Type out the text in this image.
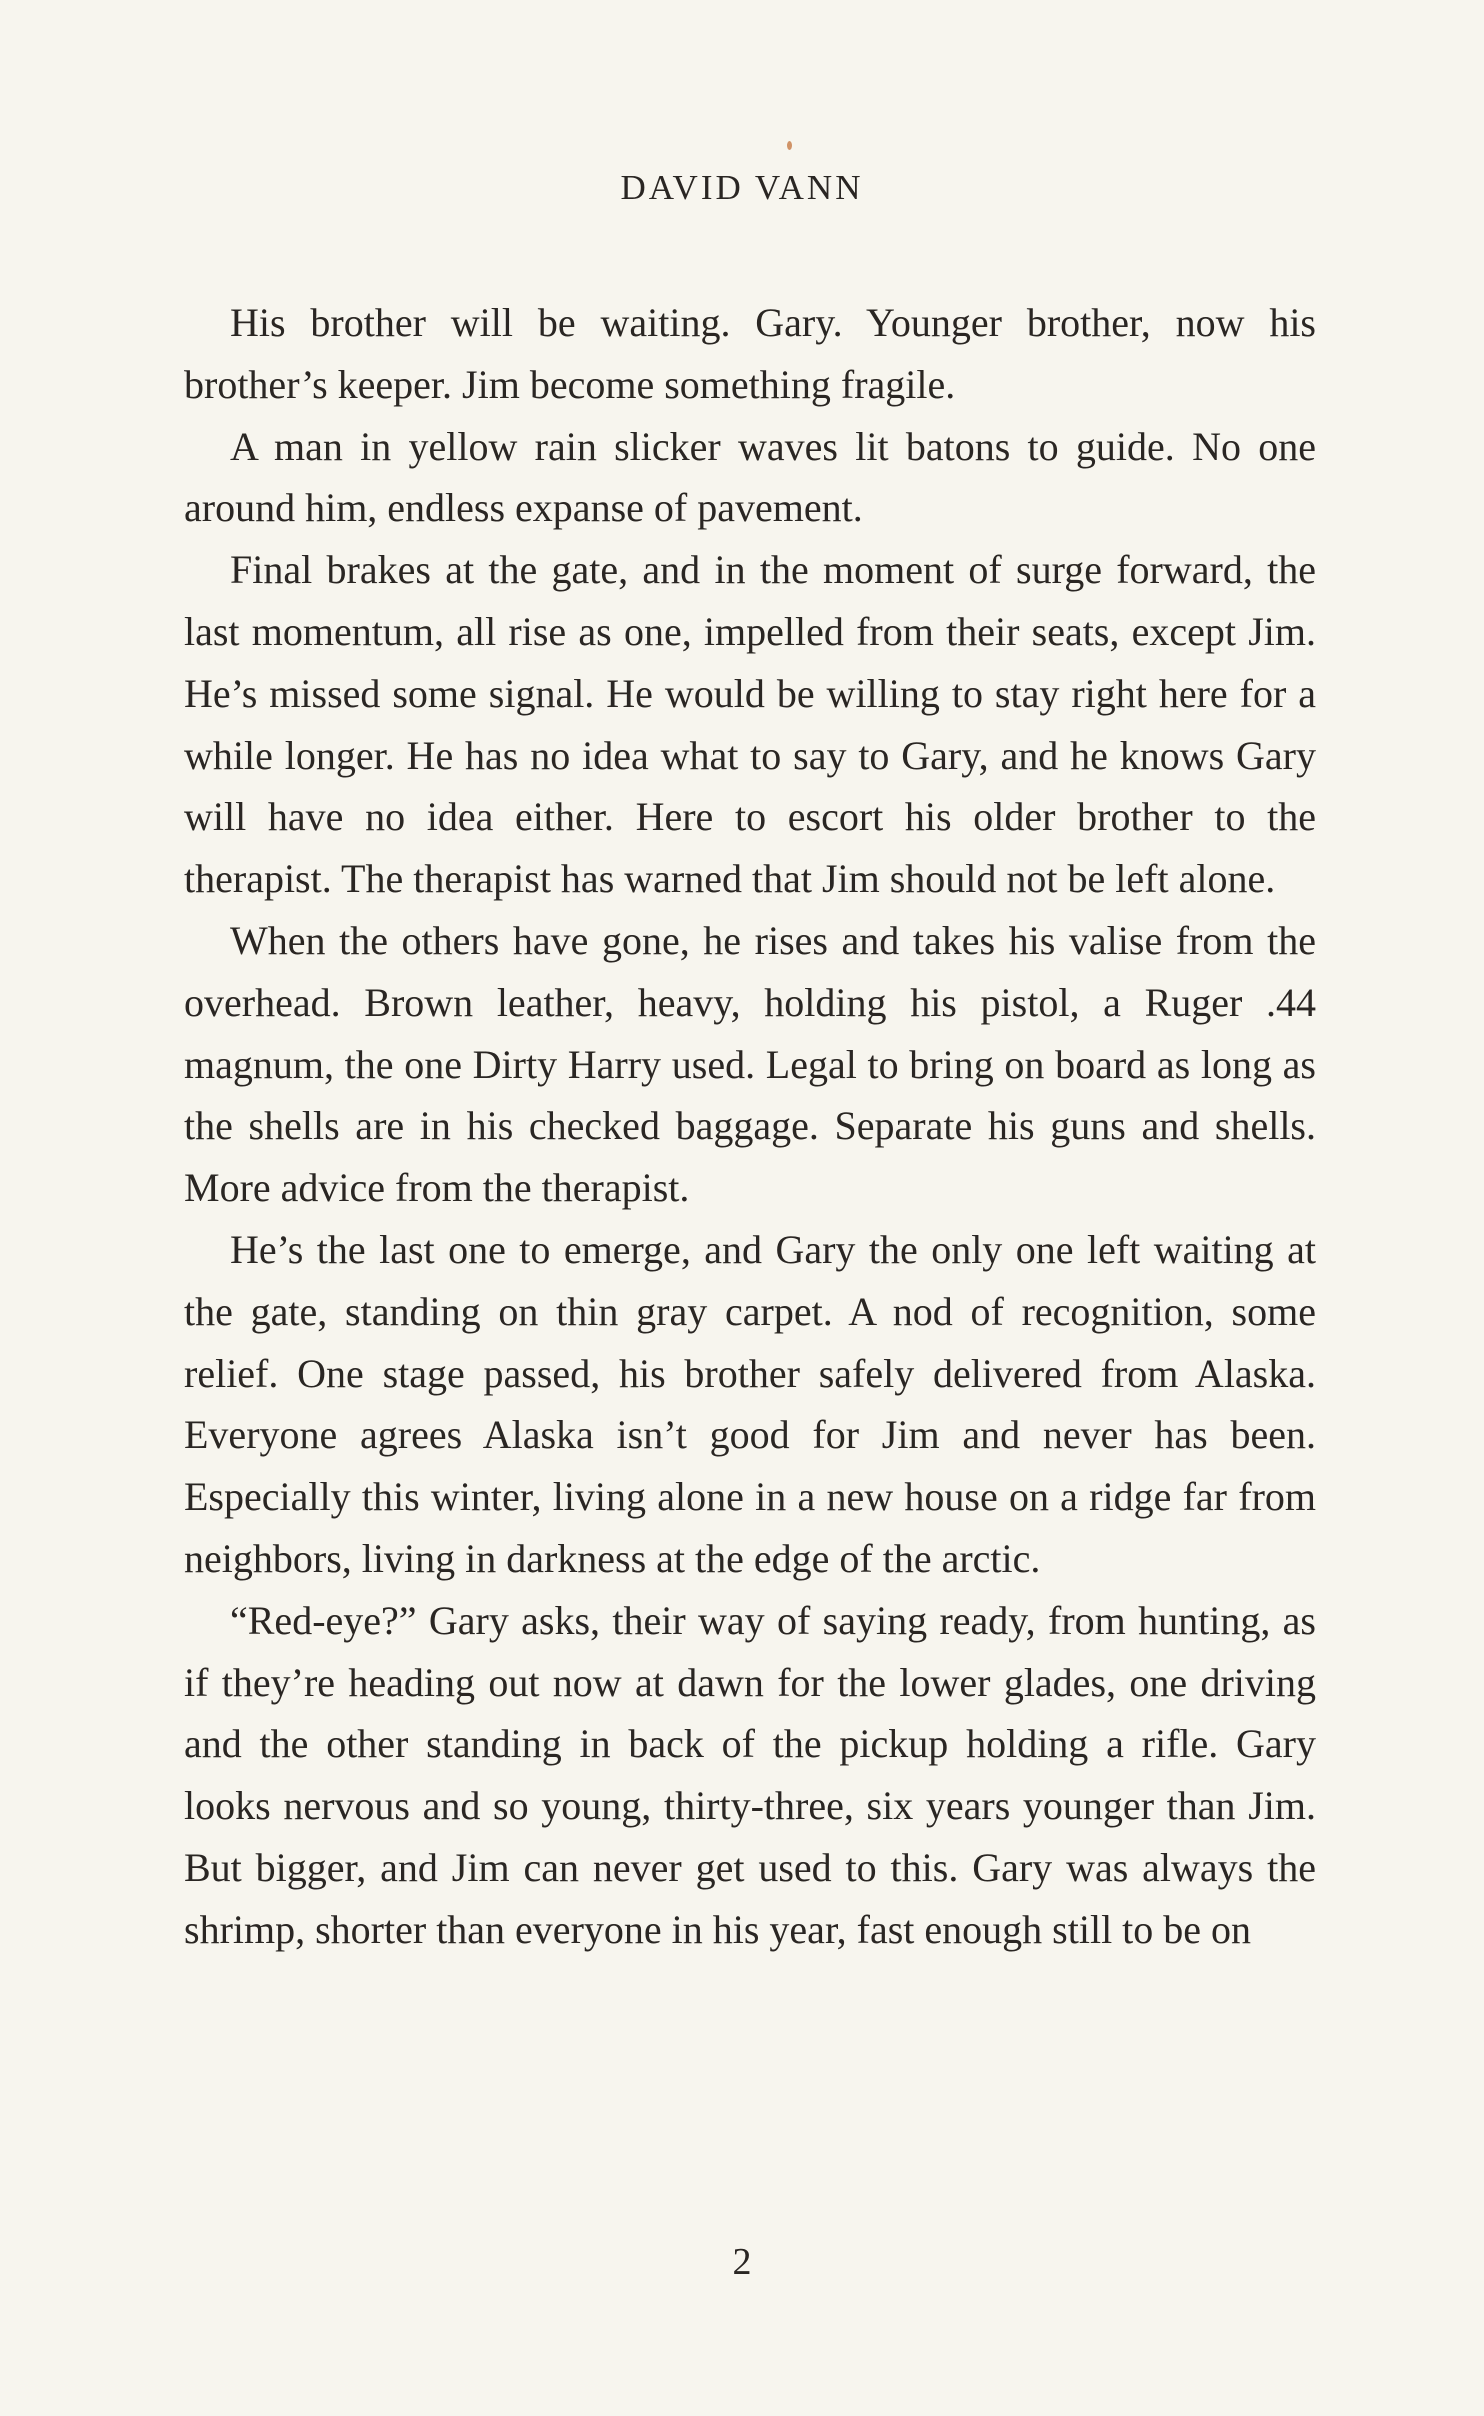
DAVID VANN

His brother will be waiting. Gary. Younger brother, now his brother’s keeper. Jim become something fragile.

A man in yellow rain slicker waves lit batons to guide. No one around him, endless expanse of pavement.

Final brakes at the gate, and in the moment of surge forward, the last momentum, all rise as one, impelled from their seats, except Jim. He’s missed some signal. He would be willing to stay right here for a while longer. He has no idea what to say to Gary, and he knows Gary will have no idea either. Here to escort his older brother to the therapist. The therapist has warned that Jim should not be left alone.

When the others have gone, he rises and takes his valise from the overhead. Brown leather, heavy, holding his pistol, a Ruger .44 magnum, the one Dirty Harry used. Legal to bring on board as long as the shells are in his checked baggage. Separate his guns and shells. More advice from the therapist.

He’s the last one to emerge, and Gary the only one left waiting at the gate, standing on thin gray carpet. A nod of recognition, some relief. One stage passed, his brother safely delivered from Alaska. Everyone agrees Alaska isn’t good for Jim and never has been. Especially this winter, living alone in a new house on a ridge far from neighbors, living in darkness at the edge of the arctic.

“Red-eye?” Gary asks, their way of saying ready, from hunting, as if they’re heading out now at dawn for the lower glades, one driving and the other standing in back of the pickup holding a rifle. Gary looks nervous and so young, thirty-three, six years younger than Jim. But bigger, and Jim can never get used to this. Gary was always the shrimp, shorter than everyone in his year, fast enough still to be on

2
